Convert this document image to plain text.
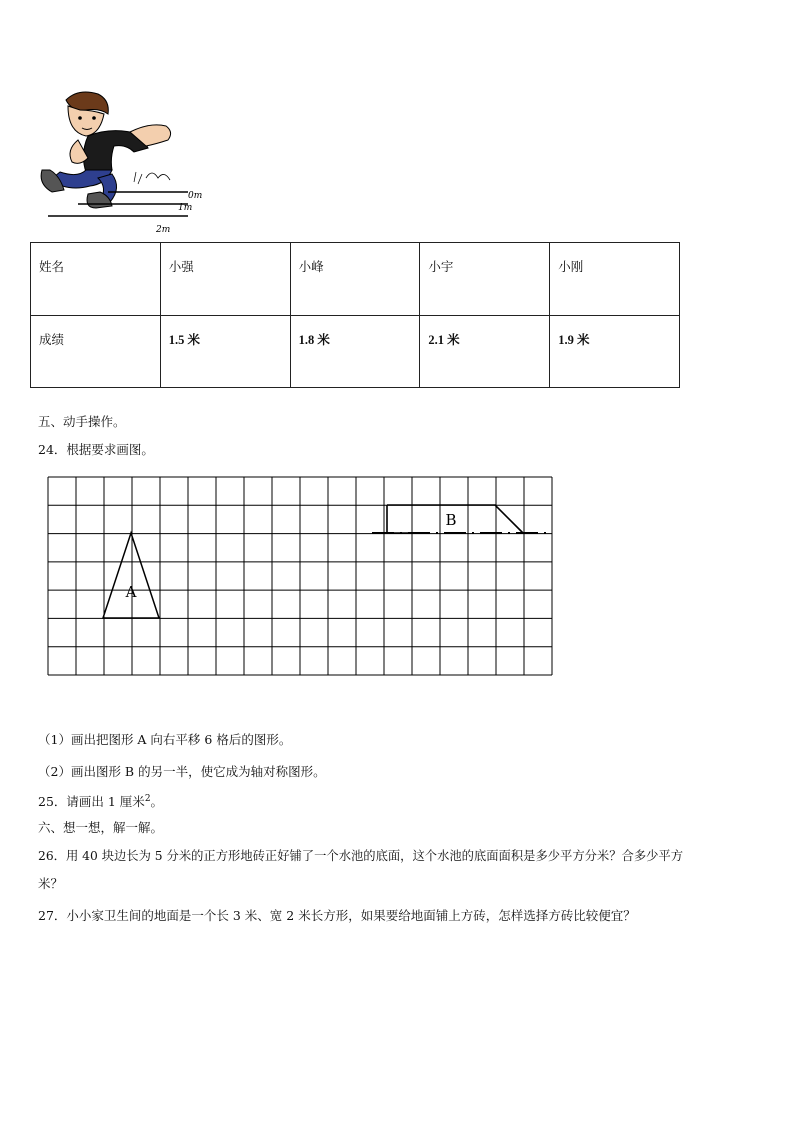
0m
1m
2m
姓名	小强	小峰	小宇	小刚
成绩	1.5 米	1.8 米	2.1 米	1.9 米
五、动手操作。
24．根据要求画图。
A
B
（1）画出把图形 A 向右平移 6 格后的图形。
（2）画出图形 B 的另一半，使它成为轴对称图形。
25．请画出 1 厘米$^2$。
六、想一想，解一解。
26．用 40 块边长为 5 分米的正方形地砖正好铺了一个水池的底面，这个水池的底面面积是多少平方分米？合多少平方
米？
27．小小家卫生间的地面是一个长 3 米、宽 2 米长方形，如果要给地面铺上方砖，怎样选择方砖比较便宜？
